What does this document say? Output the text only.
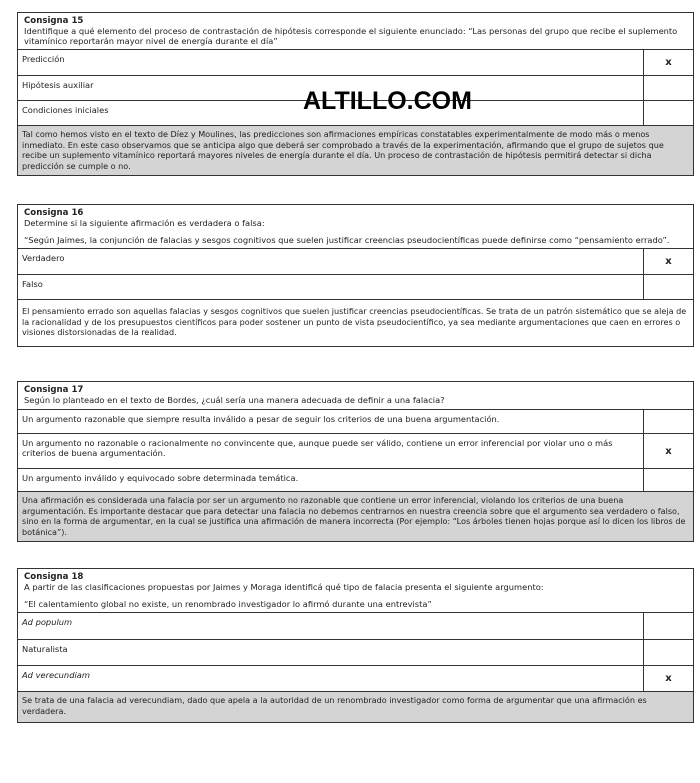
Consigna 15
Identifique a qué elemento del proceso de contrastación de hipótesis corresponde el siguiente enunciado: “Las personas del grupo que recibe el suplemento vitamínico reportarán mayor nivel de energía durante el día”
Predicción	x
Hipótesis auxiliar
Condiciones iniciales
Tal como hemos visto en el texto de Díez y Moulines, las predicciones son afirmaciones empíricas constatables experimentalmente de modo más o menos inmediato. En este caso observamos que se anticipa algo que deberá ser comprobado a través de la experimentación, afirmando que el grupo de sujetos que recibe un suplemento vitamínico reportará mayores niveles de energía durante el día. Un proceso de contrastación de hipótesis permitirá detectar si dicha predicción se cumple o no.
ALTILLO.COM
Consigna 16
Determine si la siguiente afirmación es verdadera o falsa:
“Según Jaimes, la conjunción de falacias y sesgos cognitivos que suelen justificar creencias pseudocientíficas puede definirse como “pensamiento errado”.
Verdadero	x
Falso
El pensamiento errado son aquellas falacias y sesgos cognitivos que suelen justificar creencias pseudocientíficas. Se trata de un patrón sistemático que se aleja de la racionalidad y de los presupuestos científicos para poder sostener un punto de vista pseudocientífico, ya sea mediante argumentaciones que caen en errores o visiones distorsionadas de la realidad.
Consigna 17
Según lo planteado en el texto de Bordes, ¿cuál sería una manera adecuada de definir a una falacia?
Un argumento razonable que siempre resulta inválido a pesar de seguir los criterios de una buena argumentación.
Un argumento no razonable o racionalmente no convincente que, aunque puede ser válido, contiene un error inferencial por violar uno o más criterios de buena argumentación.	x
Un argumento inválido y equivocado sobre determinada temática.
Una afirmación es considerada una falacia por ser un argumento no razonable que contiene un error inferencial, violando los criterios de una buena argumentación. Es importante destacar que para detectar una falacia no debemos centrarnos en nuestra creencia sobre que el argumento sea verdadero o falso, sino en la forma de argumentar, en la cual se justifica una afirmación de manera incorrecta (Por ejemplo: “Los árboles tienen hojas porque así lo dicen los libros de botánica”).
Consigna 18
A partir de las clasificaciones propuestas por Jaimes y Moraga identificá qué tipo de falacia presenta el siguiente argumento:
“El calentamiento global no existe, un renombrado investigador lo afirmó durante una entrevista”
Ad populum
Naturalista
Ad verecundiam	x
Se trata de una falacia ad verecundiam, dado que apela a la autoridad de un renombrado investigador como forma de argumentar que una afirmación es verdadera.
